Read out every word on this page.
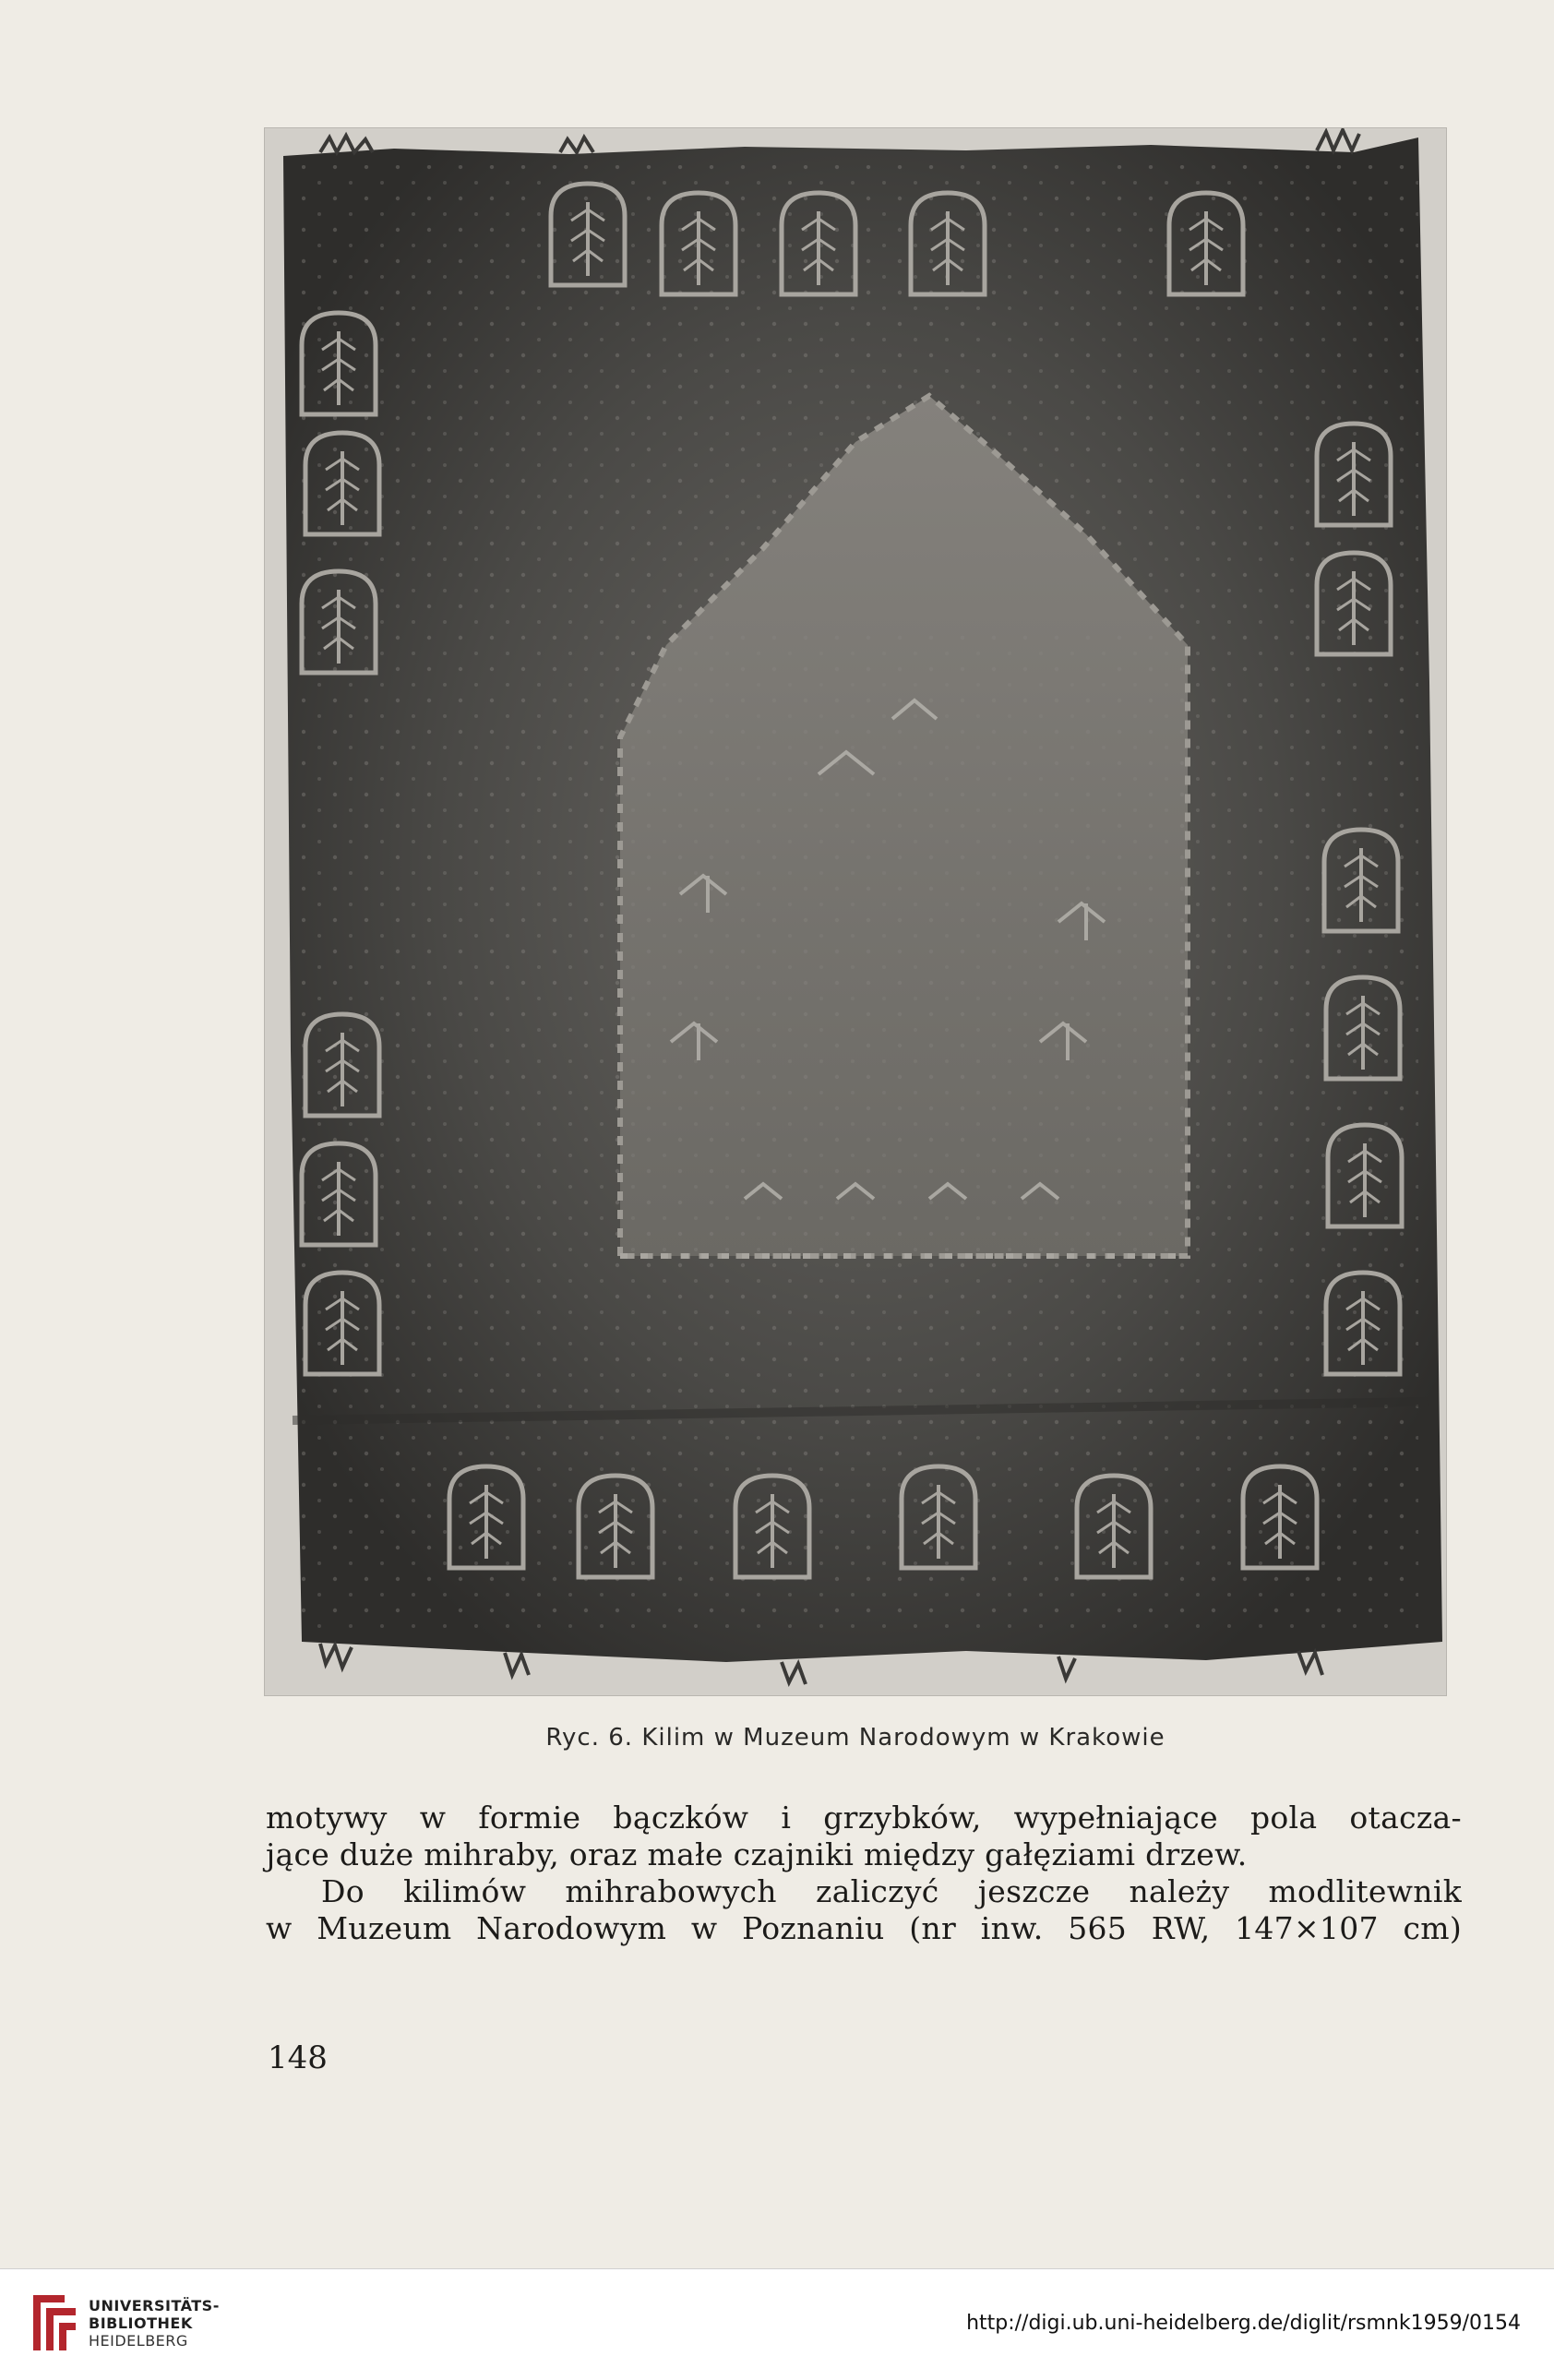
Ryc. 6. Kilim w Muzeum Narodowym w Krakowie
motywy w formie bączków i grzybków, wypełniające pola otacza-
jące duże mihraby, oraz małe czajniki między gałęziami drzew.
Do kilimów mihrabowych zaliczyć jeszcze należy modlitewnik
w Muzeum Narodowym w Poznaniu (nr inw. 565 RW, 147×107 cm)
148
UNIVERSITÄTS-
BIBLIOTHEK
HEIDELBERG
http://digi.ub.uni-heidelberg.de/diglit/rsmnk1959/0154
